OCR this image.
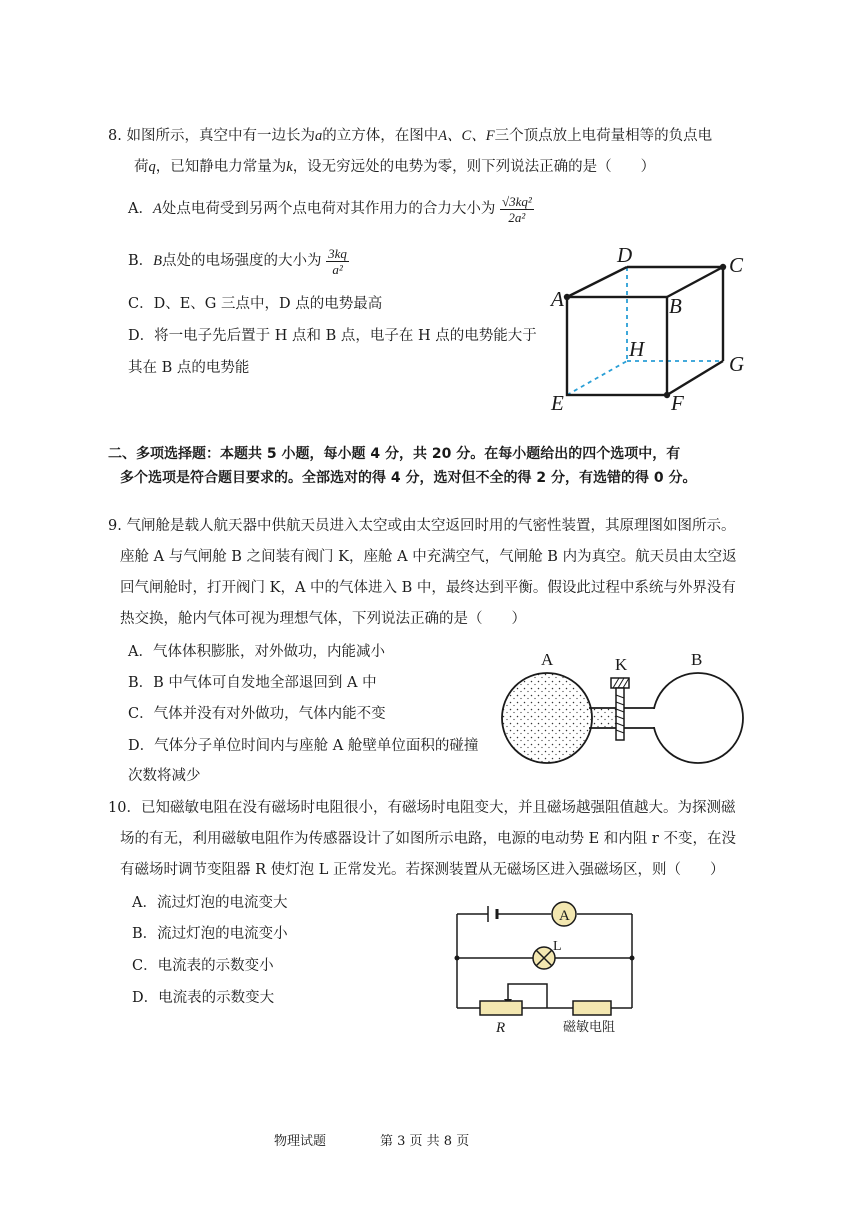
8. 如图所示，真空中有一边长为a的立方体，在图中A、C、F三个顶点放上电荷量相等的负点电
荷q，已知静电力常量为k，设无穷远处的电势为零，则下列说法正确的是（　　）
A．A处点电荷受到另两个点电荷对其作用力的合力大小为 $\frac{\text{√3kq²}}{\text{2a²}}$
B．B点处的电场强度的大小为 $\frac{3kq}{\text{a²}}$
C．D、E、G 三点中，D 点的电势最高
D．将一电子先后置于 H 点和 B 点，电子在 H 点的电势能大于
其在 B 点的电势能
A	B
C
D
E	F
G
H
二、多项选择题：本题共 5 小题，每小题 4 分，共 20 分。在每小题给出的四个选项中，有
多个选项是符合题目要求的。全部选对的得 4 分，选对但不全的得 2 分，有选错的得 0 分。
9. 气闸舱是载人航天器中供航天员进入太空或由太空返回时用的气密性装置，其原理图如图所示。
座舱 A 与气闸舱 B 之间装有阀门 K，座舱 A 中充满空气，气闸舱 B 内为真空。航天员由太空返
回气闸舱时，打开阀门 K，A 中的气体进入 B 中，最终达到平衡。假设此过程中系统与外界没有
热交换，舱内气体可视为理想气体，下列说法正确的是（　　）
A．气体体积膨胀，对外做功，内能减小
B．B 中气体可自发地全部退回到 A 中
C．气体并没有对外做功，气体内能不变
D．气体分子单位时间内与座舱 A 舱壁单位面积的碰撞
次数将减少
A	K	B
10．已知磁敏电阻在没有磁场时电阻很小，有磁场时电阻变大，并且磁场越强阻值越大。为探测磁
场的有无，利用磁敏电阻作为传感器设计了如图所示电路，电源的电动势 E 和内阻 r 不变，在没
有磁场时调节变阻器 R 使灯泡 L 正常发光。若探测装置从无磁场区进入强磁场区，则（　　）
A．流过灯泡的电流变大
B．流过灯泡的电流变小
C．电流表的示数变小
D．电流表的示数变大
A
L
R	磁敏电阻
物理试题	第 3 页 共 8 页
